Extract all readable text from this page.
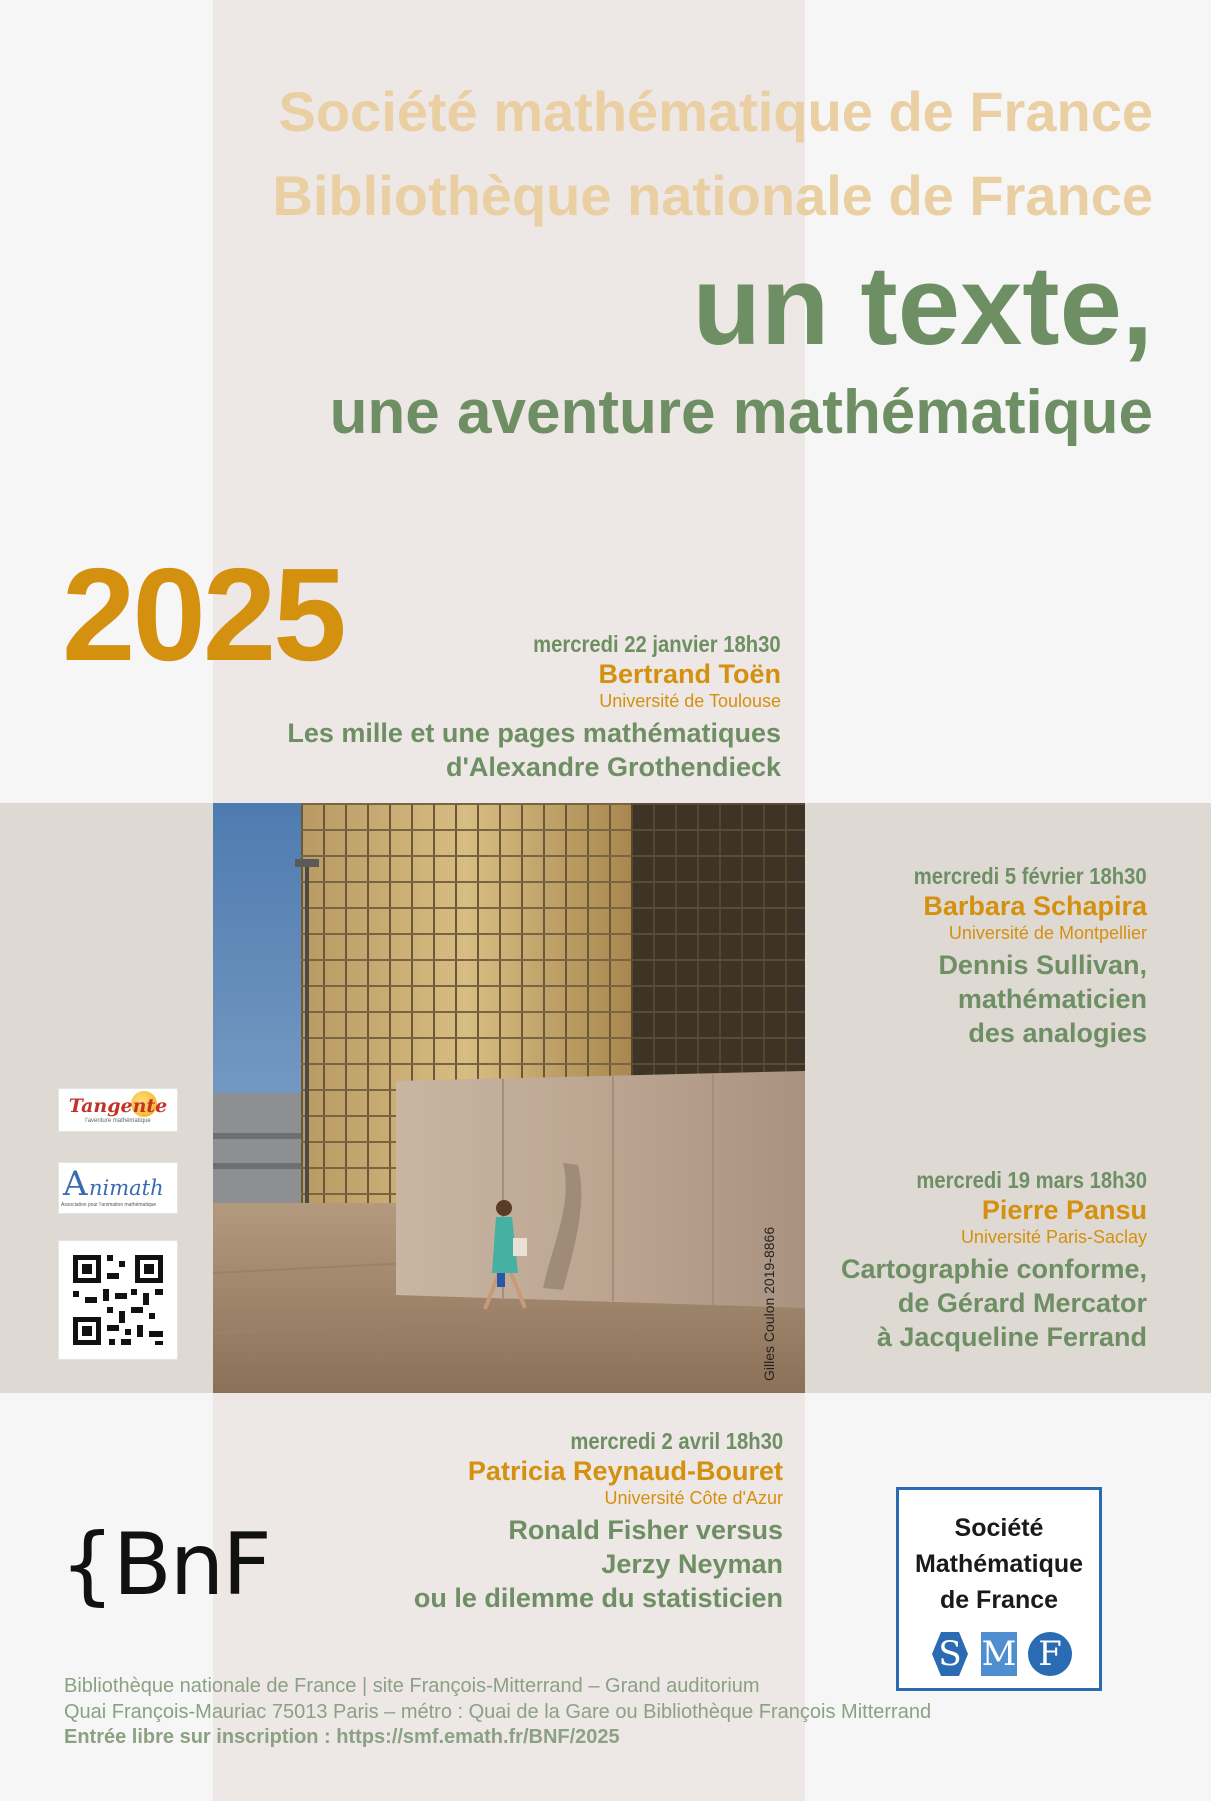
Société mathématique de France
Bibliothèque nationale de France
un texte,
une aventure mathématique
2025	mercredi 22 janvier 18h30
Bertrand Toën
Université de Toulouse
Les mille et une pages mathématiques
d'Alexandre Grothendieck
Gilles Coulon 2019-8866
mercredi 5 février 18h30
Barbara Schapira
Université de Montpellier
Dennis Sullivan,
mathématicien
des analogies
mercredi 19 mars 18h30
Pierre Pansu
Université Paris-Saclay
Cartographie conforme,
de Gérard Mercator
à Jacqueline Ferrand
Tangente
l'aventure mathématique
A nimath
Association pour l'animation mathématique
mercredi 2 avril 18h30
Patricia Reynaud-Bouret
Université Côte d'Azur
Ronald Fisher versus
Jerzy Neyman
ou le dilemme du statisticien
{BnF	Société
Mathématique
de France
S M F
Bibliothèque nationale de France | site François-Mitterrand – Grand auditorium
Quai François-Mauriac 75013 Paris – métro : Quai de la Gare ou Bibliothèque François Mitterrand
Entrée libre sur inscription : https://smf.emath.fr/BNF/2025
